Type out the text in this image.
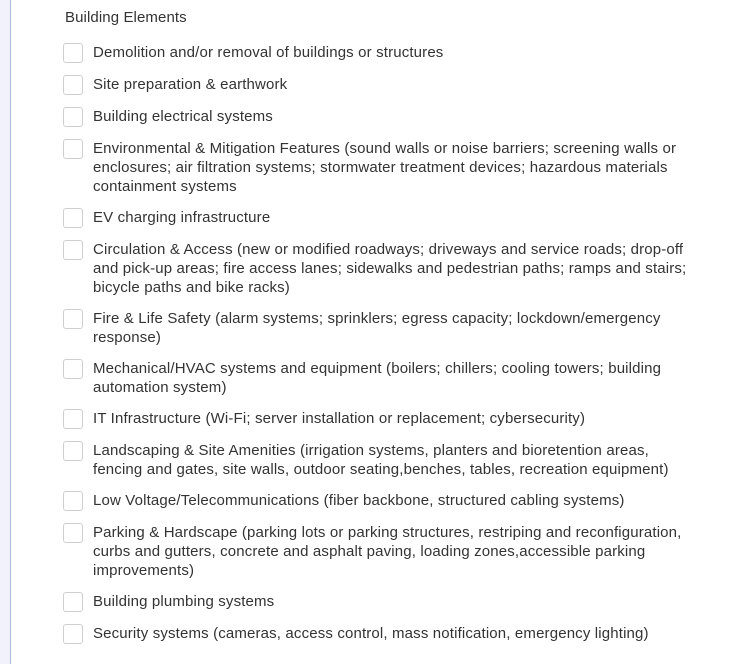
Building Elements
Demolition and/or removal of buildings or structures
Site preparation & earthwork
Building electrical systems
Environmental & Mitigation Features (sound walls or noise barriers; screening walls or enclosures; air filtration systems; stormwater treatment devices; hazardous materials containment systems
EV charging infrastructure
Circulation & Access (new or modified roadways; driveways and service roads; drop-off and pick-up areas; fire access lanes; sidewalks and pedestrian paths; ramps and stairs; bicycle paths and bike racks)
Fire & Life Safety (alarm systems; sprinklers; egress capacity; lockdown/emergency response)
Mechanical/HVAC systems and equipment (boilers; chillers; cooling towers; building automation system)
IT Infrastructure (Wi-Fi; server installation or replacement; cybersecurity)
Landscaping & Site Amenities (irrigation systems, planters and bioretention areas, fencing and gates, site walls, outdoor seating,benches, tables, recreation equipment)
Low Voltage/Telecommunications (fiber backbone, structured cabling systems)
Parking & Hardscape (parking lots or parking structures, restriping and reconfiguration, curbs and gutters, concrete and asphalt paving, loading zones,accessible parking improvements)
Building plumbing systems
Security systems (cameras, access control, mass notification, emergency lighting)
